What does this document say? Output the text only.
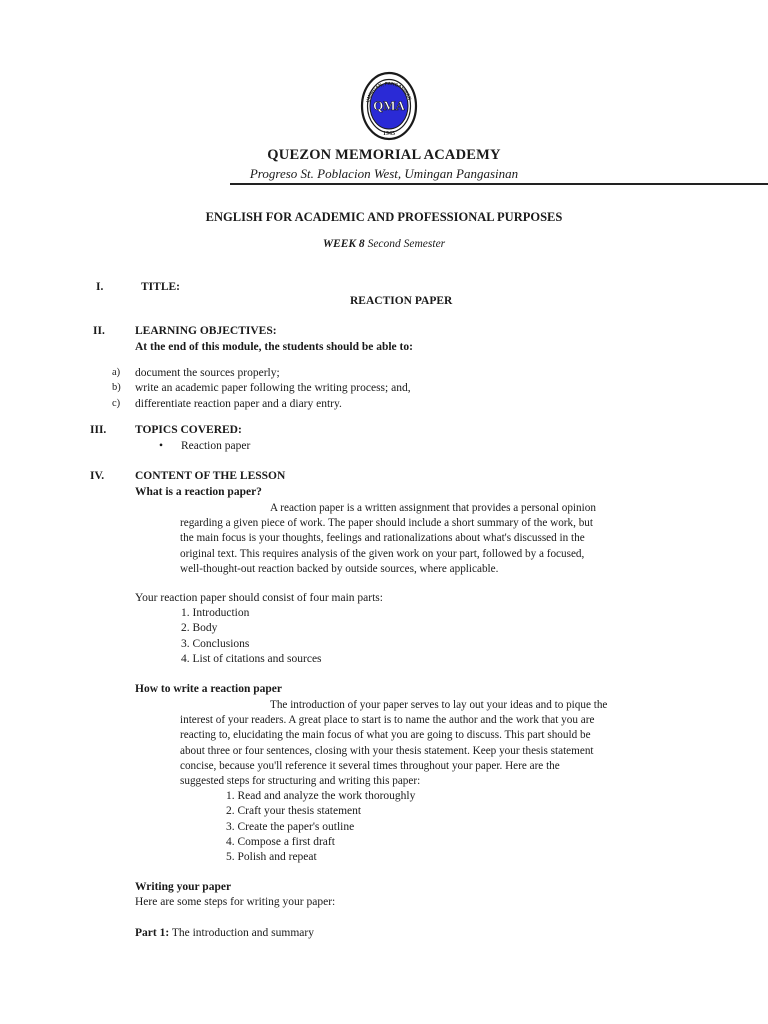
UMINGAN, PANGASINAN
QMA
1945
QUEZON MEMORIAL ACADEMY
Progreso St. Poblacion West, Umingan Pangasinan
ENGLISH FOR ACADEMIC AND PROFESSIONAL PURPOSES
WEEK 8 Second Semester
I.	TITLE:
REACTION PAPER
II.	LEARNING OBJECTIVES:
At the end of this module, the students should be able to:
a) document the sources properly;
b) write an academic paper following the writing process; and,
c) differentiate reaction paper and a diary entry.
III. TOPICS COVERED:
• Reaction paper
IV.	CONTENT OF THE LESSON
What is a reaction paper?
A reaction paper is a written assignment that provides a personal opinion
regarding a given piece of work. The paper should include a short summary of the work, but
the main focus is your thoughts, feelings and rationalizations about what's discussed in the
original text. This requires analysis of the given work on your part, followed by a focused,
well-thought-out reaction backed by outside sources, where applicable.
Your reaction paper should consist of four main parts:
1. Introduction
2. Body
3. Conclusions
4. List of citations and sources
How to write a reaction paper
The introduction of your paper serves to lay out your ideas and to pique the
interest of your readers. A great place to start is to name the author and the work that you are
reacting to, elucidating the main focus of what you are going to discuss. This part should be
about three or four sentences, closing with your thesis statement. Keep your thesis statement
concise, because you'll reference it several times throughout your paper. Here are the
suggested steps for structuring and writing this paper:
1. Read and analyze the work thoroughly
2. Craft your thesis statement
3. Create the paper's outline
4. Compose a first draft
5. Polish and repeat
Writing your paper
Here are some steps for writing your paper:
Part 1: The introduction and summary
